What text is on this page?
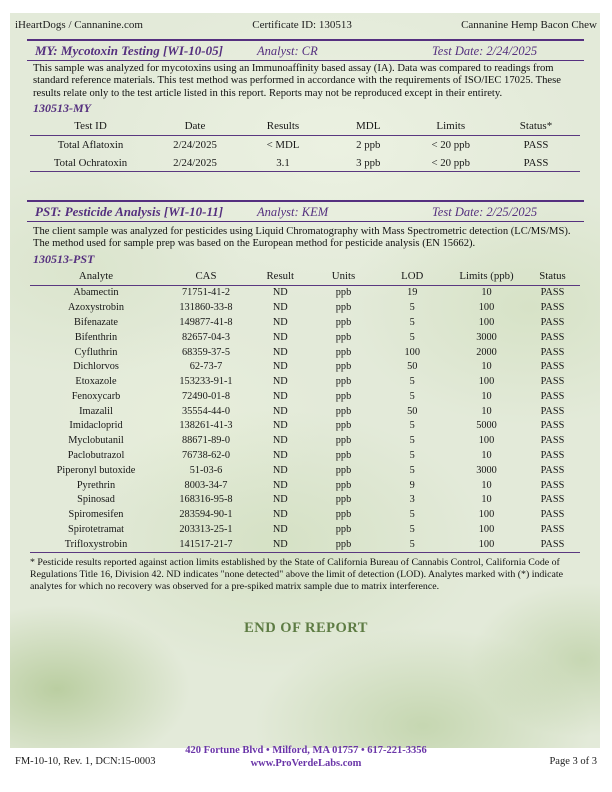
iHeartDogs / Cannanine.com	Certificate ID: 130513	Cannanine Hemp Bacon Chew
MY: Mycotoxin Testing [WI-10-05]	Analyst: CR	Test Date: 2/24/2025
This sample was analyzed for mycotoxins using an Immunoaffinity based assay (IA). Data was compared to readings from standard reference materials. This test method was performed in accordance with the requirements of ISO/IEC 17025. These results relate only to the test article listed in this report. Reports may not be reproduced except in their entirety.
130513-MY
Test ID	Date	Results	MDL	Limits	Status*
Total Aflatoxin	2/24/2025	< MDL	2 ppb	< 20 ppb	PASS
Total Ochratoxin	2/24/2025	3.1	3 ppb	< 20 ppb	PASS
PST: Pesticide Analysis [WI-10-11]	Analyst: KEM	Test Date: 2/25/2025
The client sample was analyzed for pesticides using Liquid Chromatography with Mass Spectrometric detection (LC/MS/MS). The method used for sample prep was based on the European method for pesticide analysis (EN 15662).
130513-PST
Analyte	CAS	Result	Units	LOD	Limits (ppb)	Status
Abamectin	71751-41-2	ND	ppb	19	10	PASS
Azoxystrobin	131860-33-8	ND	ppb	5	100	PASS
Bifenazate	149877-41-8	ND	ppb	5	100	PASS
Bifenthrin	82657-04-3	ND	ppb	5	3000	PASS
Cyfluthrin	68359-37-5	ND	ppb	100	2000	PASS
Dichlorvos	62-73-7	ND	ppb	50	10	PASS
Etoxazole	153233-91-1	ND	ppb	5	100	PASS
Fenoxycarb	72490-01-8	ND	ppb	5	10	PASS
Imazalil	35554-44-0	ND	ppb	50	10	PASS
Imidacloprid	138261-41-3	ND	ppb	5	5000	PASS
Myclobutanil	88671-89-0	ND	ppb	5	100	PASS
Paclobutrazol	76738-62-0	ND	ppb	5	10	PASS
Piperonyl butoxide	51-03-6	ND	ppb	5	3000	PASS
Pyrethrin	8003-34-7	ND	ppb	9	10	PASS
Spinosad	168316-95-8	ND	ppb	3	10	PASS
Spiromesifen	283594-90-1	ND	ppb	5	100	PASS
Spirotetramat	203313-25-1	ND	ppb	5	100	PASS
Trifloxystrobin	141517-21-7	ND	ppb	5	100	PASS
* Pesticide results reported against action limits established by the State of California Bureau of Cannabis Control, California Code of Regulations Title 16, Division 42. ND indicates "none detected" above the limit of detection (LOD). Analytes marked with (*) indicate analytes for which no recovery was observed for a pre-spiked matrix sample due to matrix interference.
END OF REPORT
420 Fortune Blvd • Milford, MA 01757 • 617-221-3356
www.ProVerdeLabs.com
FM-10-10, Rev. 1, DCN:15-0003	Page 3 of 3
